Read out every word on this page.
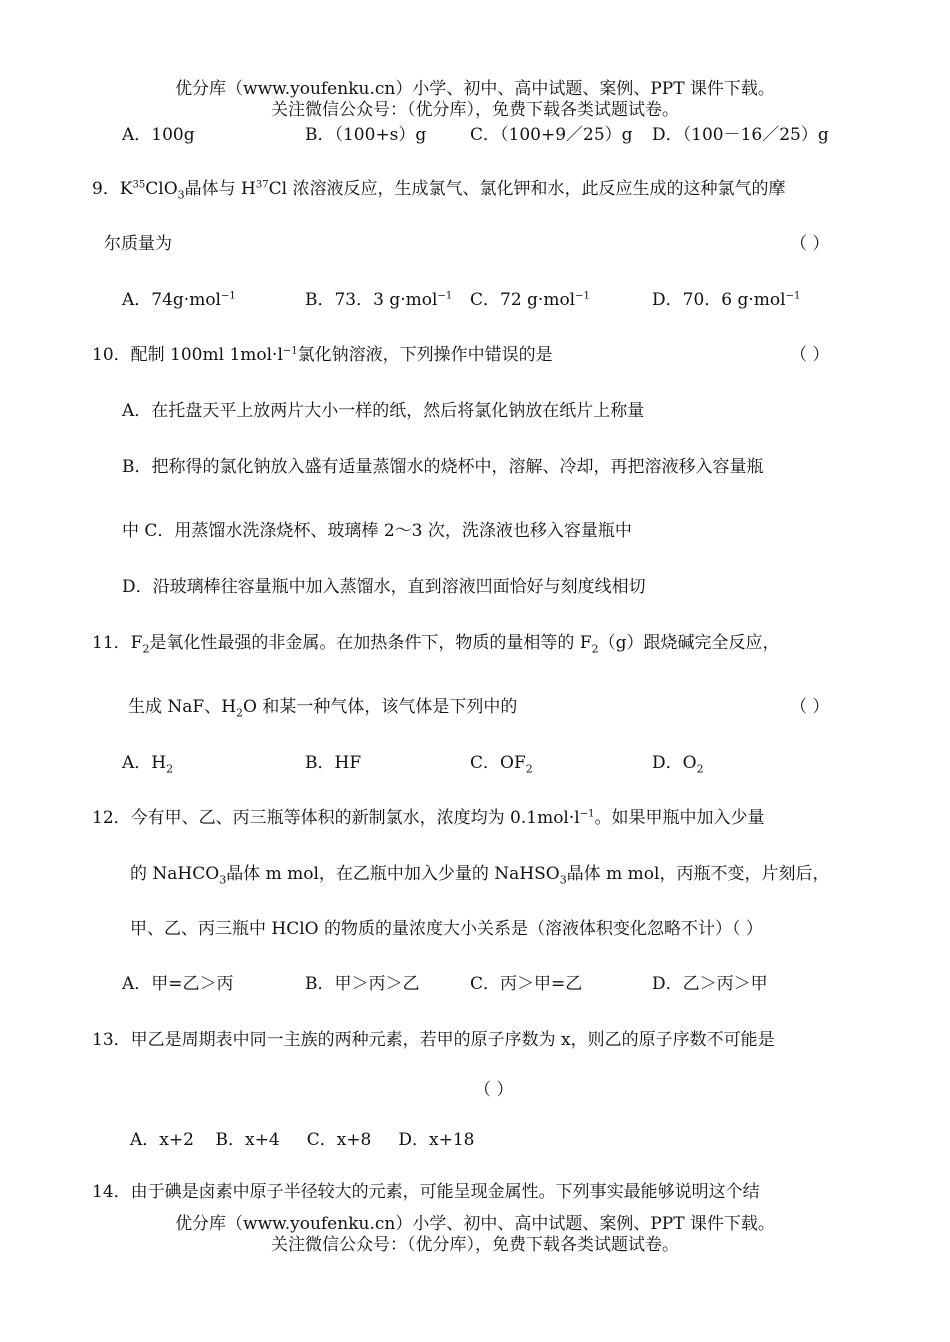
优分库（www.youfenku.cn）小学、初中、高中试题、案例、PPT 课件下载。
关注微信公众号：（优分库），免费下载各类试题试卷。
A．100g	B．（100+s）g	C．（100+9／25）g D．（100－16／25）g
9．$K^{35}ClO_3$晶体与 $H^{37}Cl$ 浓溶液反应，生成氯气、氯化钾和水，此反应生成的这种氯气的摩
尔质量为	（ ）
A．74g·mol$^{-1}$	B．73．3 g·mol$^{-1}$ C．72 g·mol$^{-1}$	D．70．6 g·mol$^{-1}$
10．配制 100ml $1mol\cdot l^{-1}$氯化钠溶液，下列操作中错误的是	（ ）
A．在托盘天平上放两片大小一样的纸，然后将氯化钠放在纸片上称量
B．把称得的氯化钠放入盛有适量蒸馏水的烧杯中，溶解、冷却，再把溶液移入容量瓶
中 C．用蒸馏水洗涤烧杯、玻璃棒 2～3 次，洗涤液也移入容量瓶中
D．沿玻璃棒往容量瓶中加入蒸馏水，直到溶液凹面恰好与刻度线相切
11．$F_2$是氧化性最强的非金属。在加热条件下，物质的量相等的 $F_2(g)$跟烧碱完全反应，
生成 NaF、$H_2O$ 和某一种气体，该气体是下列中的	（ ）
A．$H_2$	B．HF	C．$OF_2$	D．$O_2$
12．今有甲、乙、丙三瓶等体积的新制氯水，浓度均为 $0.1mol\cdot l^{-1}$。如果甲瓶中加入少量
的 NaHCO$_3$晶体 m mol，在乙瓶中加入少量的 NaHSO$_3$晶体 m mol，丙瓶不变，片刻后，
甲、乙、丙三瓶中 HClO 的物质的量浓度大小关系是（溶液体积变化忽略不计）（ ）
A．甲=乙＞丙	B．甲＞丙＞乙	C．丙＞甲=乙	D．乙＞丙＞甲
13．甲乙是周期表中同一主族的两种元素，若甲的原子序数为 x，则乙的原子序数不可能是
（ ）
A．x+2    B．x+4     C．x+8     D．x+18
14．由于碘是卤素中原子半径较大的元素，可能呈现金属性。下列事实最能够说明这个结
优分库（www.youfenku.cn）小学、初中、高中试题、案例、PPT 课件下载。
关注微信公众号：（优分库），免费下载各类试题试卷。
